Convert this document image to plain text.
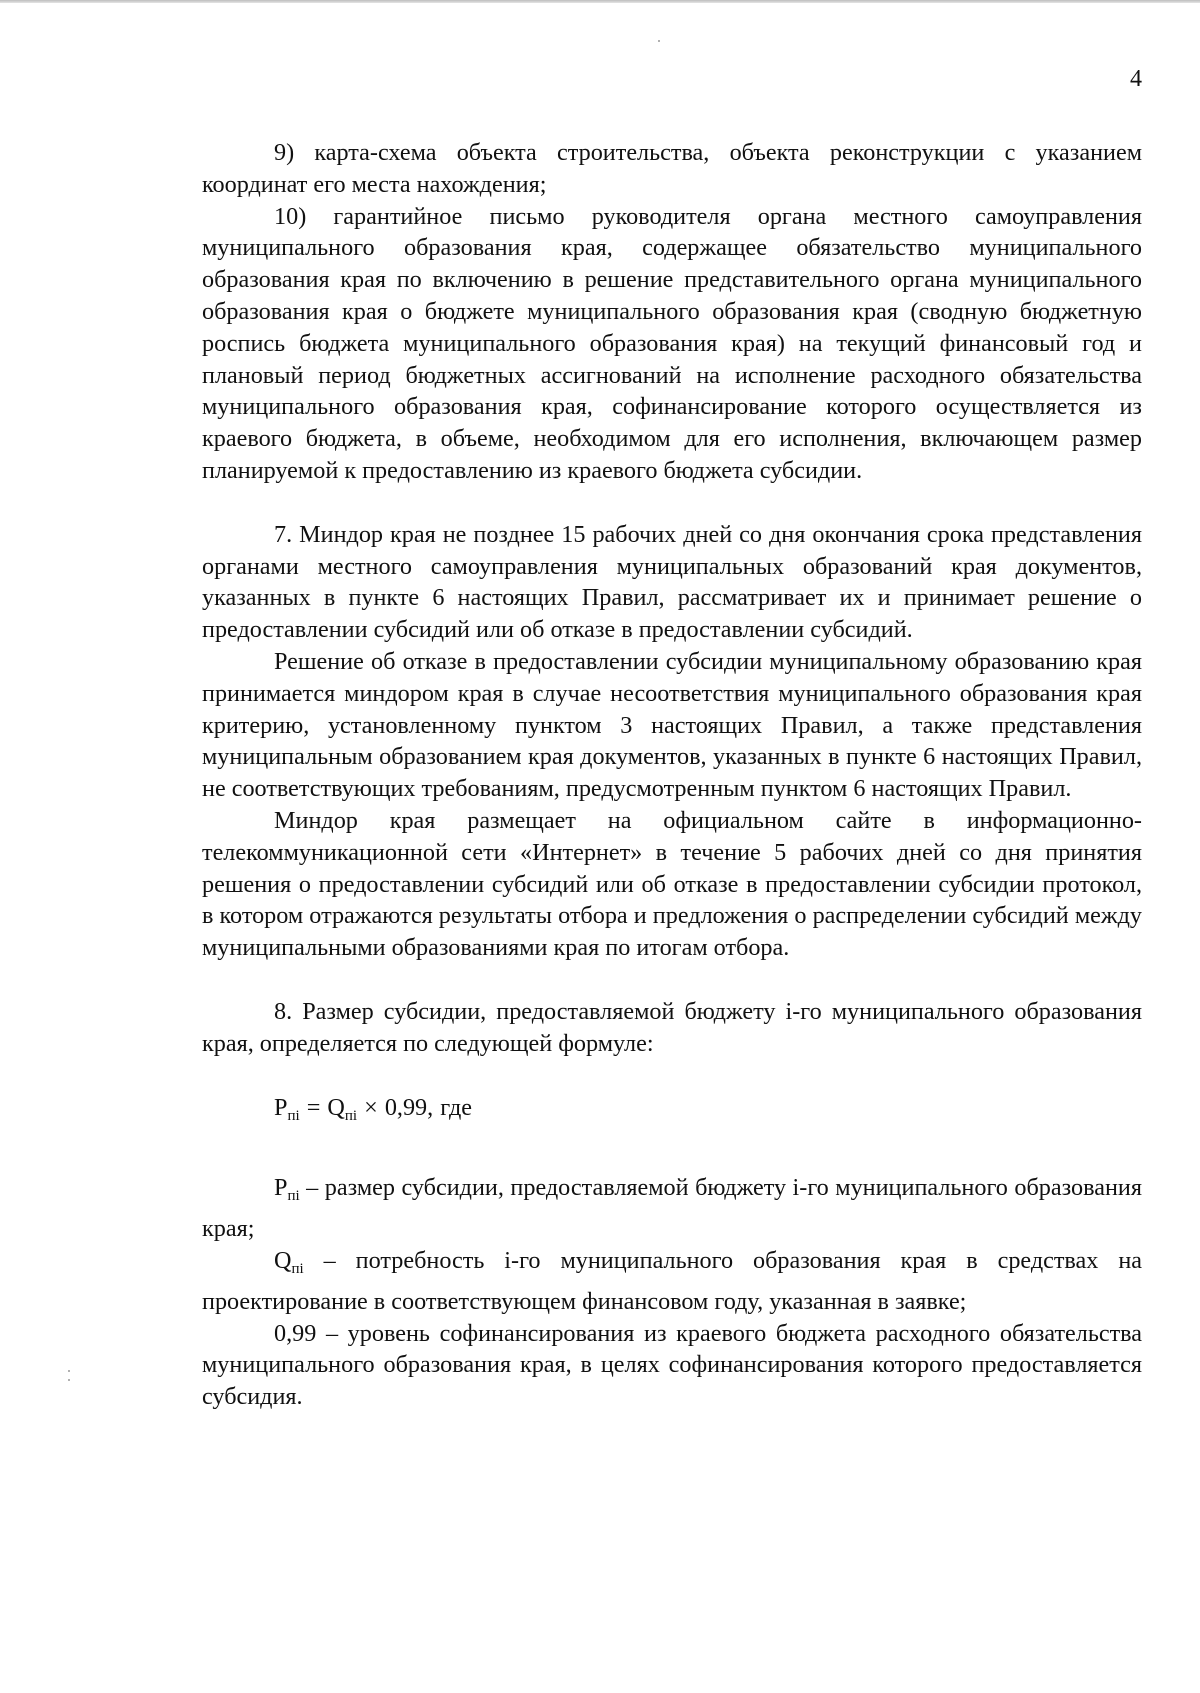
4

9) карта-схема объекта строительства, объекта реконструкции с указанием координат его места нахождения;

10) гарантийное письмо руководителя органа местного самоуправления муниципального образования края, содержащее обязательство муниципального образования края по включению в решение представительного органа муниципального образования края о бюджете муниципального образования края (сводную бюджетную роспись бюджета муниципального образования края) на текущий финансовый год и плановый период бюджетных ассигнований на исполнение расходного обязательства муниципального образования края, софинансирование которого осуществляется из краевого бюджета, в объеме, необходимом для его исполнения, включающем размер планируемой к предоставлению из краевого бюджета субсидии.

7. Миндор края не позднее 15 рабочих дней со дня окончания срока представления органами местного самоуправления муниципальных образований края документов, указанных в пункте 6 настоящих Правил, рассматривает их и принимает решение о предоставлении субсидий или об отказе в предоставлении субсидий.

Решение об отказе в предоставлении субсидии муниципальному образованию края принимается миндором края в случае несоответствия муниципального образования края критерию, установленному пунктом 3 настоящих Правил, а также представления муниципальным образованием края документов, указанных в пункте 6 настоящих Правил, не соответствующих требованиям, предусмотренным пунктом 6 настоящих Правил.

Миндор края размещает на официальном сайте в информационно-телекоммуникационной сети «Интернет» в течение 5 рабочих дней со дня принятия решения о предоставлении субсидий или об отказе в предоставлении субсидии протокол, в котором отражаются результаты отбора и предложения о распределении субсидий между муниципальными образованиями края по итогам отбора.

8. Размер субсидии, предоставляемой бюджету i-го муниципального образования края, определяется по следующей формуле:

$P_{пi} = Q_{пi} \times 0,99$, где

$P_{пi}$ – размер субсидии, предоставляемой бюджету i-го муниципального образования края;

$Q_{пi}$ – потребность i-го муниципального образования края в средствах на проектирование в соответствующем финансовом году, указанная в заявке;

0,99 – уровень софинансирования из краевого бюджета расходного обязательства муниципального образования края, в целях софинансирования которого предоставляется субсидия.
